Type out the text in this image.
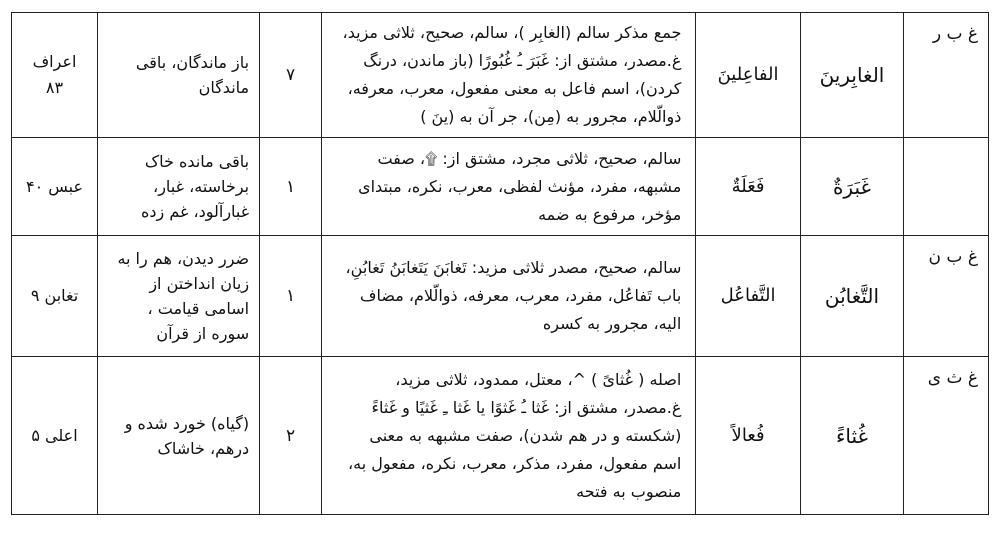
غ ب ر	الغابِرينَ	الفاعِلينَ	جمع مذکر سالم (الغابِر )، سالم، صحیح، ثلاثی مزید، غ.مصدر، مشتق از: غَبَرَ ـُ غُبُورًا (باز ماندن، درنگ کردن)، اسم فاعل به معنی مفعول، معرب، معرفه، ذوالّلام، مجرور به (مِن)، جر آن به (ینَ )	۷	باز ماندگان، باقی ماندگان	اعراف ۸۳
	غَبَرَةٌ	فَعَلَةٌ	سالم، صحیح، ثلاثی مجرد، مشتق از: ۩، صفت مشبهه، مفرد، مؤنث لفظی، معرب، نکره، مبتدای مؤخر، مرفوع به ضمه	۱	باقی مانده خاک برخاسته، غبار، غبارآلود، غم زده	عبس ۴۰
غ ب ن	التَّغابُن	التَّفاعُل	سالم، صحیح، مصدر ثلاثی مزید: تَغابَنَ یَتَغابَنُ تَغابُنِ، باب تَفاعُل، مفرد، معرب، معرفه، ذوالّلام، مضاف الیه، مجرور به کسره	۱	ضرر دیدن، هم را به زیان انداختن از اسامی قیامت ، سوره از قرآن	تغابن ۹
غ ث ی	غُثاءً	فُعالاً	اصله ( غُثایً ) ^، معتل، ممدود، ثلاثی مزید، غ.مصدر، مشتق از: غَثا ـُ غَثوًا یا غَثا ـِ غَثیًا و غَثاءً (شکسته و در هم شدن)، صفت مشبهه به معنی اسم مفعول، مفرد، مذکر، معرب، نکره، مفعول به، منصوب به فتحه	۲	(گیاه) خورد شده و درهم، خاشاک	اعلی ۵
